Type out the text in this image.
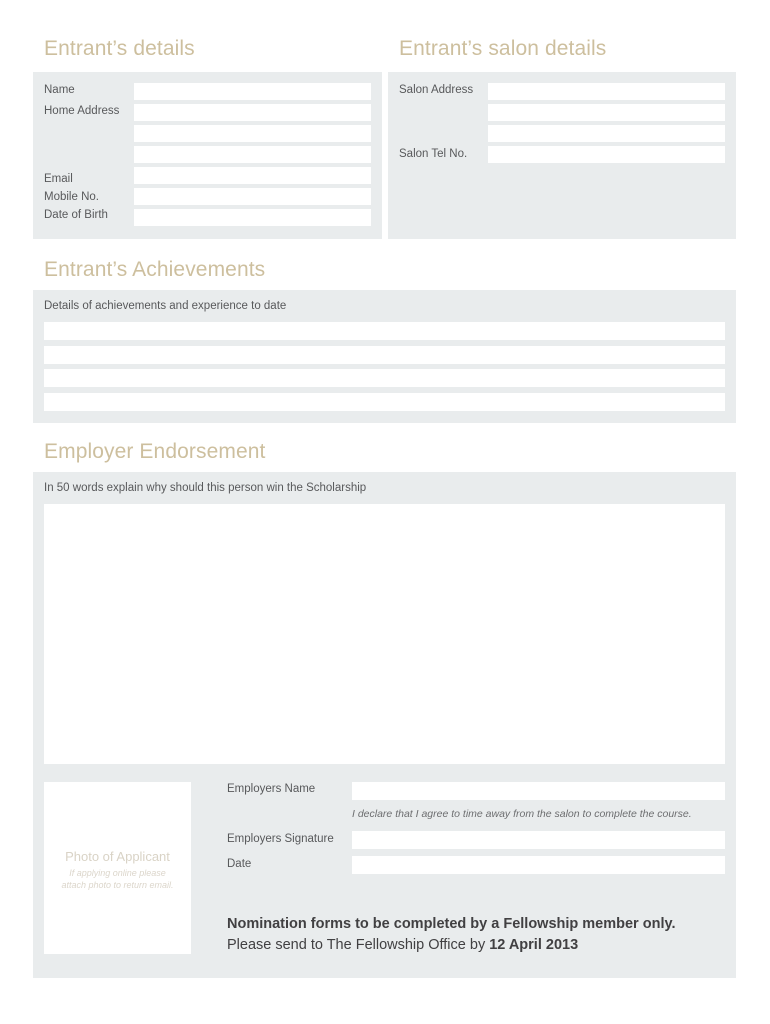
Entrant’s details
Name
Home Address
Email
Mobile No.
Date of Birth
Entrant’s salon details
Salon Address
Salon Tel No.
Entrant’s Achievements
Details of achievements and experience to date
Employer Endorsement
In 50 words explain why should this person win the Scholarship
Photo of Applicant
If applying online please
attach photo to return email.
Employers Name
I declare that I agree to time away from the salon to complete the course.
Employers Signature
Date
Nomination forms to be completed by a Fellowship member only.
Please send to The Fellowship Office by 12 April 2013
